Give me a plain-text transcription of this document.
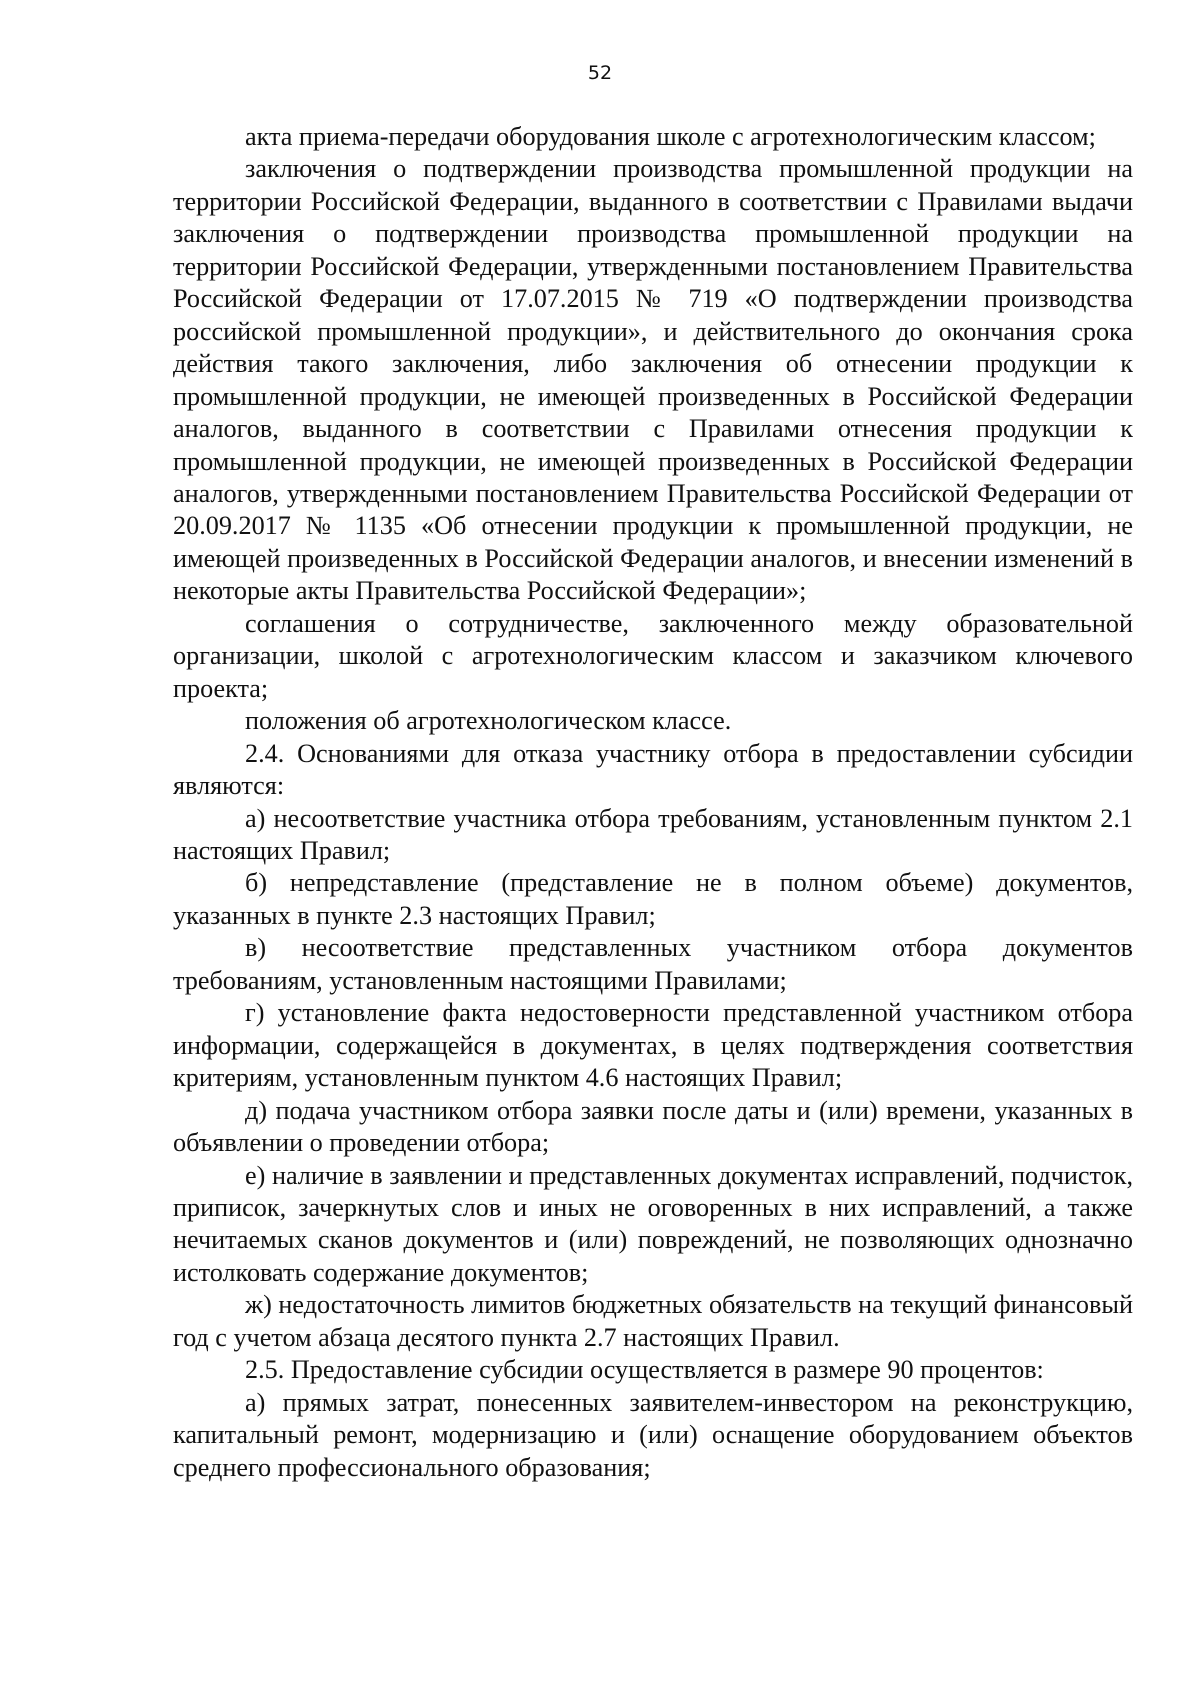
52

акта приема-передачи оборудования школе с агротехнологическим классом;

заключения о подтверждении производства промышленной продукции на территории Российской Федерации, выданного в соответствии с Правилами выдачи заключения о подтверждении производства промышленной продукции на территории Российской Федерации, утвержденными постановлением Правительства Российской Федерации от 17.07.2015 № 719 «О подтверждении производства российской промышленной продукции», и действительного до окончания срока действия такого заключения, либо заключения об отнесении продукции к промышленной продукции, не имеющей произведенных в Российской Федерации аналогов, выданного в соответствии с Правилами отнесения продукции к промышленной продукции, не имеющей произведенных в Российской Федерации аналогов, утвержденными постановлением Правительства Российской Федерации от 20.09.2017 № 1135 «Об отнесении продукции к промышленной продукции, не имеющей произведенных в Российской Федерации аналогов, и внесении изменений в некоторые акты Правительства Российской Федерации»;

соглашения о сотрудничестве, заключенного между образовательной организации, школой с агротехнологическим классом и заказчиком ключевого проекта;

положения об агротехнологическом классе.

2.4. Основаниями для отказа участнику отбора в предоставлении субсидии являются:

а) несоответствие участника отбора требованиям, установленным пунктом 2.1 настоящих Правил;

б) непредставление (представление не в полном объеме) документов, указанных в пункте 2.3 настоящих Правил;

в) несоответствие представленных участником отбора документов требованиям, установленным настоящими Правилами;

г) установление факта недостоверности представленной участником отбора информации, содержащейся в документах, в целях подтверждения соответствия критериям, установленным пунктом 4.6 настоящих Правил;

д) подача участником отбора заявки после даты и (или) времени, указанных в объявлении о проведении отбора;

е) наличие в заявлении и представленных документах исправлений, подчисток, приписок, зачеркнутых слов и иных не оговоренных в них исправлений, а также нечитаемых сканов документов и (или) повреждений, не позволяющих однозначно истолковать содержание документов;

ж) недостаточность лимитов бюджетных обязательств на текущий финансовый год с учетом абзаца десятого пункта 2.7 настоящих Правил.

2.5. Предоставление субсидии осуществляется в размере 90 процентов:

а) прямых затрат, понесенных заявителем-инвестором на реконструкцию, капитальный ремонт, модернизацию и (или) оснащение оборудованием объектов среднего профессионального образования;
